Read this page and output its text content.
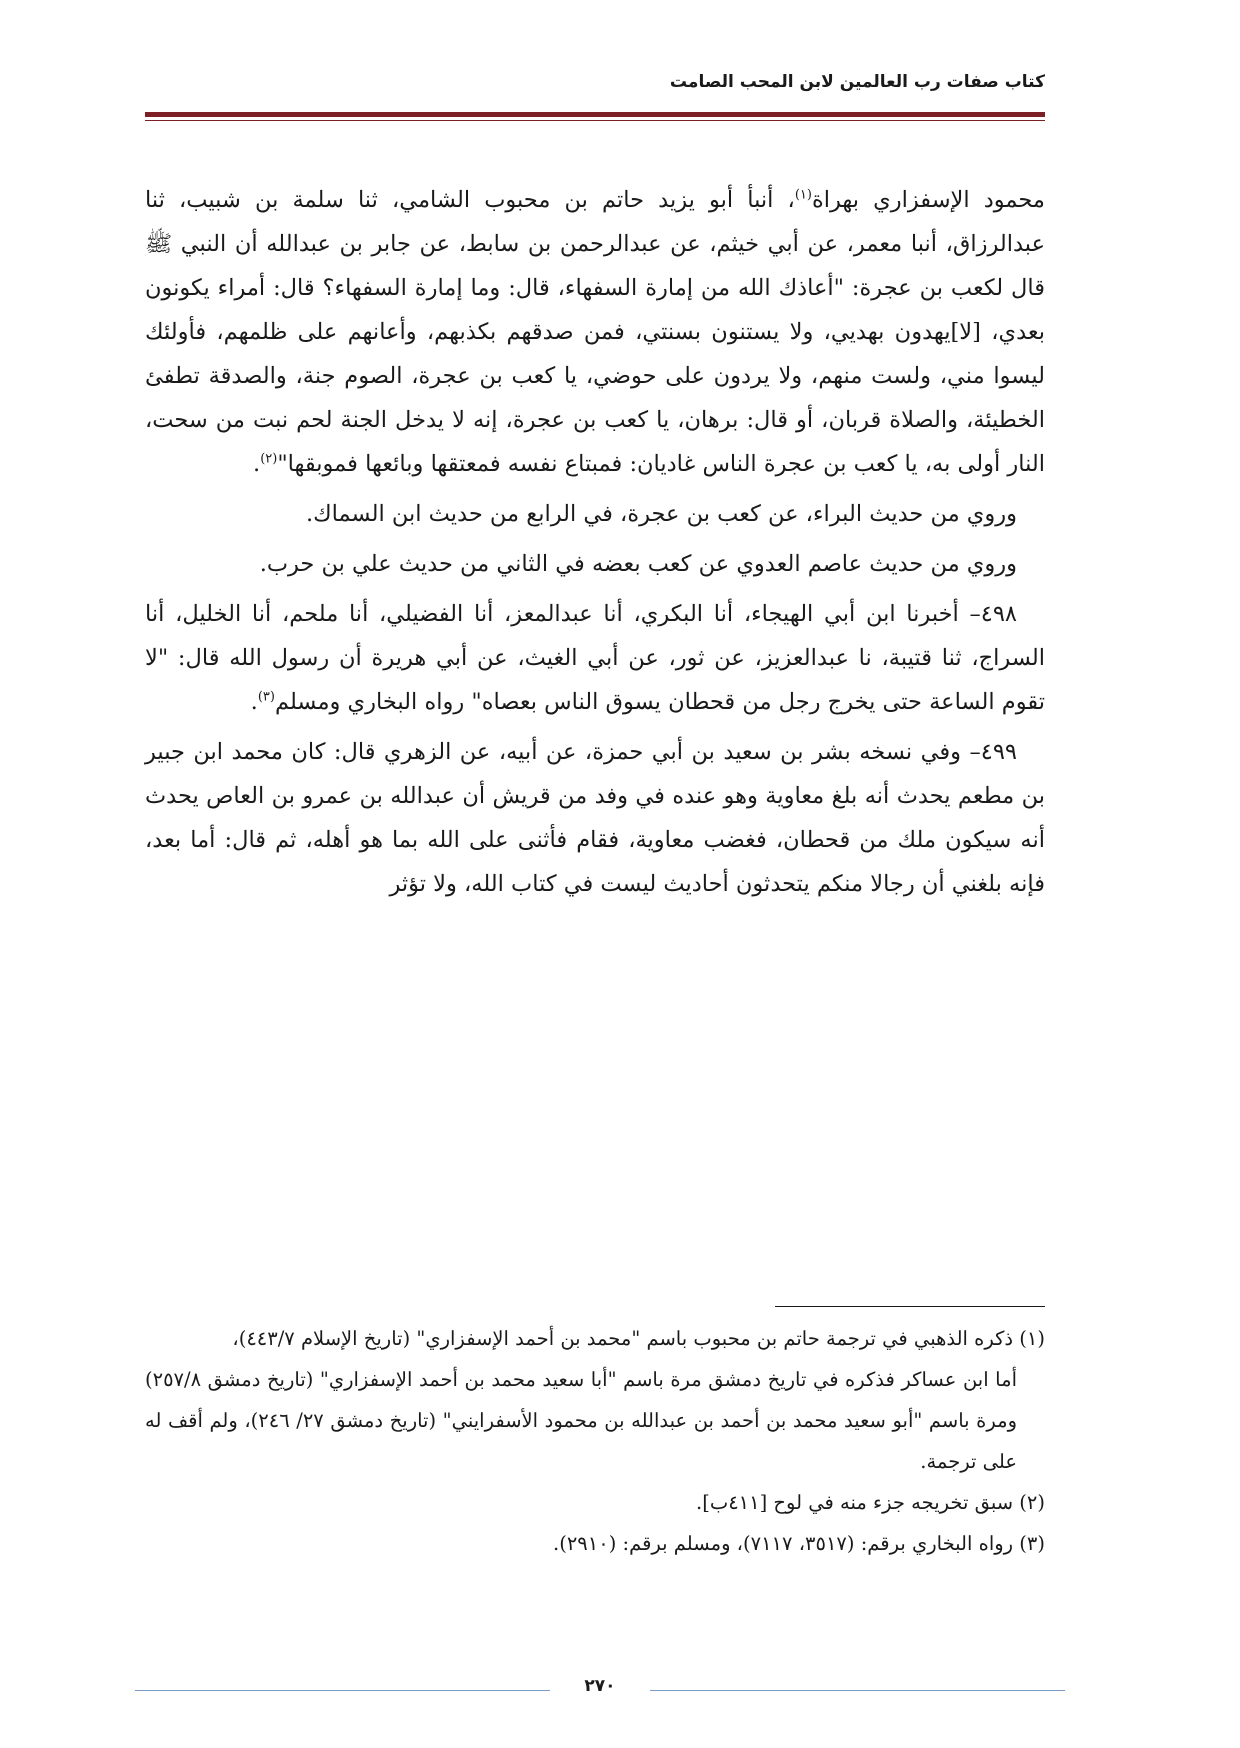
كتاب صفات رب العالمين لابن المحب الصامت

محمود الإسفزاري بهراة$^{(١)}$، أنبأ أبو يزيد حاتم بن محبوب الشامي، ثنا سلمة بن شبيب، ثنا عبدالرزاق، أنبا معمر، عن أبي خيثم، عن عبدالرحمن بن سابط، عن جابر بن عبدالله أن النبي ﷺ قال لكعب بن عجرة: "أعاذك الله من إمارة السفهاء، قال: وما إمارة السفهاء؟ قال: أمراء يكونون بعدي، [لا]يهدون بهديي، ولا يستنون بسنتي، فمن صدقهم بكذبهم، وأعانهم على ظلمهم، فأولئك ليسوا مني، ولست منهم، ولا يردون على حوضي، يا كعب بن عجرة، الصوم جنة، والصدقة تطفئ الخطيئة، والصلاة قربان، أو قال: برهان، يا كعب بن عجرة، إنه لا يدخل الجنة لحم نبت من سحت، النار أولى به، يا كعب بن عجرة الناس غاديان: فمبتاع نفسه فمعتقها وبائعها فموبقها"$^{(٢)}$.

وروي من حديث البراء، عن كعب بن عجرة، في الرابع من حديث ابن السماك.

وروي من حديث عاصم العدوي عن كعب بعضه في الثاني من حديث علي بن حرب.

٤٩٨– أخبرنا ابن أبي الهيجاء، أنا البكري، أنا عبدالمعز، أنا الفضيلي، أنا ملحم، أنا الخليل، أنا السراج، ثنا قتيبة، نا عبدالعزيز، عن ثور، عن أبي الغيث، عن أبي هريرة أن رسول الله قال: "لا تقوم الساعة حتى يخرج رجل من قحطان يسوق الناس بعصاه" رواه البخاري ومسلم$^{(٣)}$.

٤٩٩– وفي نسخه بشر بن سعيد بن أبي حمزة، عن أبيه، عن الزهري قال: كان محمد ابن جبير بن مطعم يحدث أنه بلغ معاوية وهو عنده في وفد من قريش أن عبدالله بن عمرو بن العاص يحدث أنه سيكون ملك من قحطان، فغضب معاوية، فقام فأثنى على الله بما هو أهله، ثم قال: أما بعد، فإنه بلغني أن رجالا منكم يتحدثون أحاديث ليست في كتاب الله، ولا تؤثر

(١) ذكره الذهبي في ترجمة حاتم بن محبوب باسم "محمد بن أحمد الإسفزاري" (تاريخ الإسلام ٤٤٣/٧)،

أما ابن عساكر فذكره في تاريخ دمشق مرة باسم "أبا سعيد محمد بن أحمد الإسفزاري" (تاريخ دمشق ٢٥٧/٨) ومرة باسم "أبو سعيد محمد بن أحمد بن عبدالله بن محمود الأسفرايني" (تاريخ دمشق ٢٧/ ٢٤٦)، ولم أقف له على ترجمة.

(٢) سبق تخريجه جزء منه في لوح [٤١١ب].

(٣) رواه البخاري برقم: (٣٥١٧، ٧١١٧)، ومسلم برقم: (٢٩١٠).

٢٧٠
